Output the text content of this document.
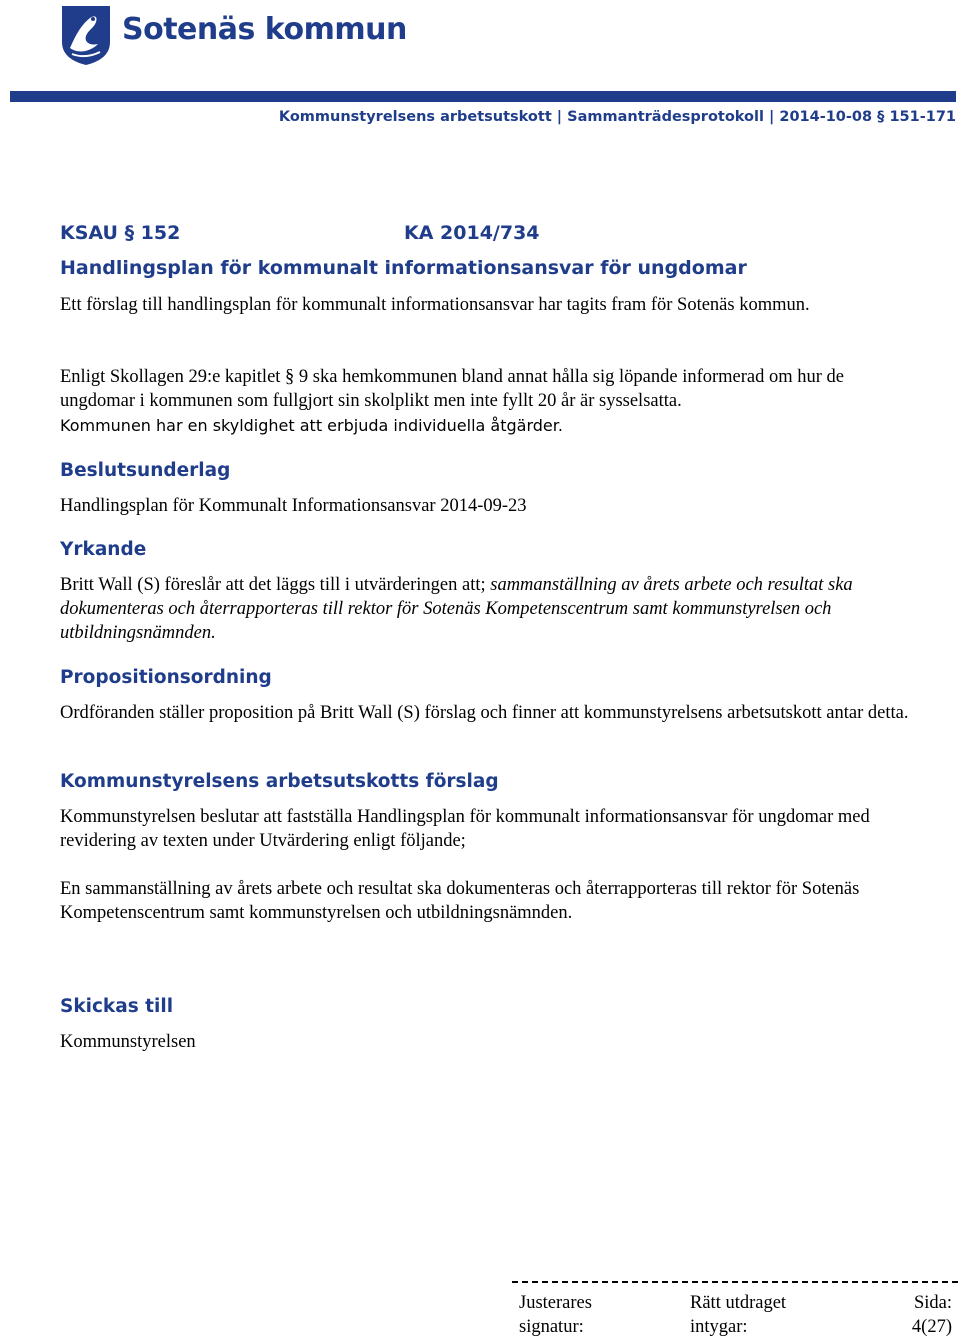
Sotenäs kommun
Kommunstyrelsens arbetsutskott | Sammanträdesprotokoll | 2014-10-08 § 151-171
KSAU § 152	KA 2014/734
Handlingsplan för kommunalt informationsansvar för ungdomar
Ett förslag till handlingsplan för kommunalt informationsansvar har tagits fram för Sotenäs kommun.
Enligt Skollagen 29:e kapitlet § 9 ska hemkommunen bland annat hålla sig löpande informerad om hur de ungdomar i kommunen som fullgjort sin skolplikt men inte fyllt 20 år är sysselsatta.
Kommunen har en skyldighet att erbjuda individuella åtgärder.
Beslutsunderlag
Handlingsplan för Kommunalt Informationsansvar 2014-09-23
Yrkande
Britt Wall (S) föreslår att det läggs till i utvärderingen att; sammanställning av årets arbete och resultat ska dokumenteras och återrapporteras till rektor för Sotenäs Kompetenscentrum samt kommunstyrelsen och utbildningsnämnden.
Propositionsordning
Ordföranden ställer proposition på Britt Wall (S) förslag och finner att kommunstyrelsens arbetsutskott antar detta.
Kommunstyrelsens arbetsutskotts förslag
Kommunstyrelsen beslutar att fastställa Handlingsplan för kommunalt informationsansvar för ungdomar med revidering av texten under Utvärdering enligt följande;
En sammanställning av årets arbete och resultat ska dokumenteras och återrapporteras till rektor för Sotenäs Kompetenscentrum samt kommunstyrelsen och utbildningsnämnden.
Skickas till
Kommunstyrelsen
Justerares
signatur:
Rätt utdraget
intygar:
Sida:
4(27)
